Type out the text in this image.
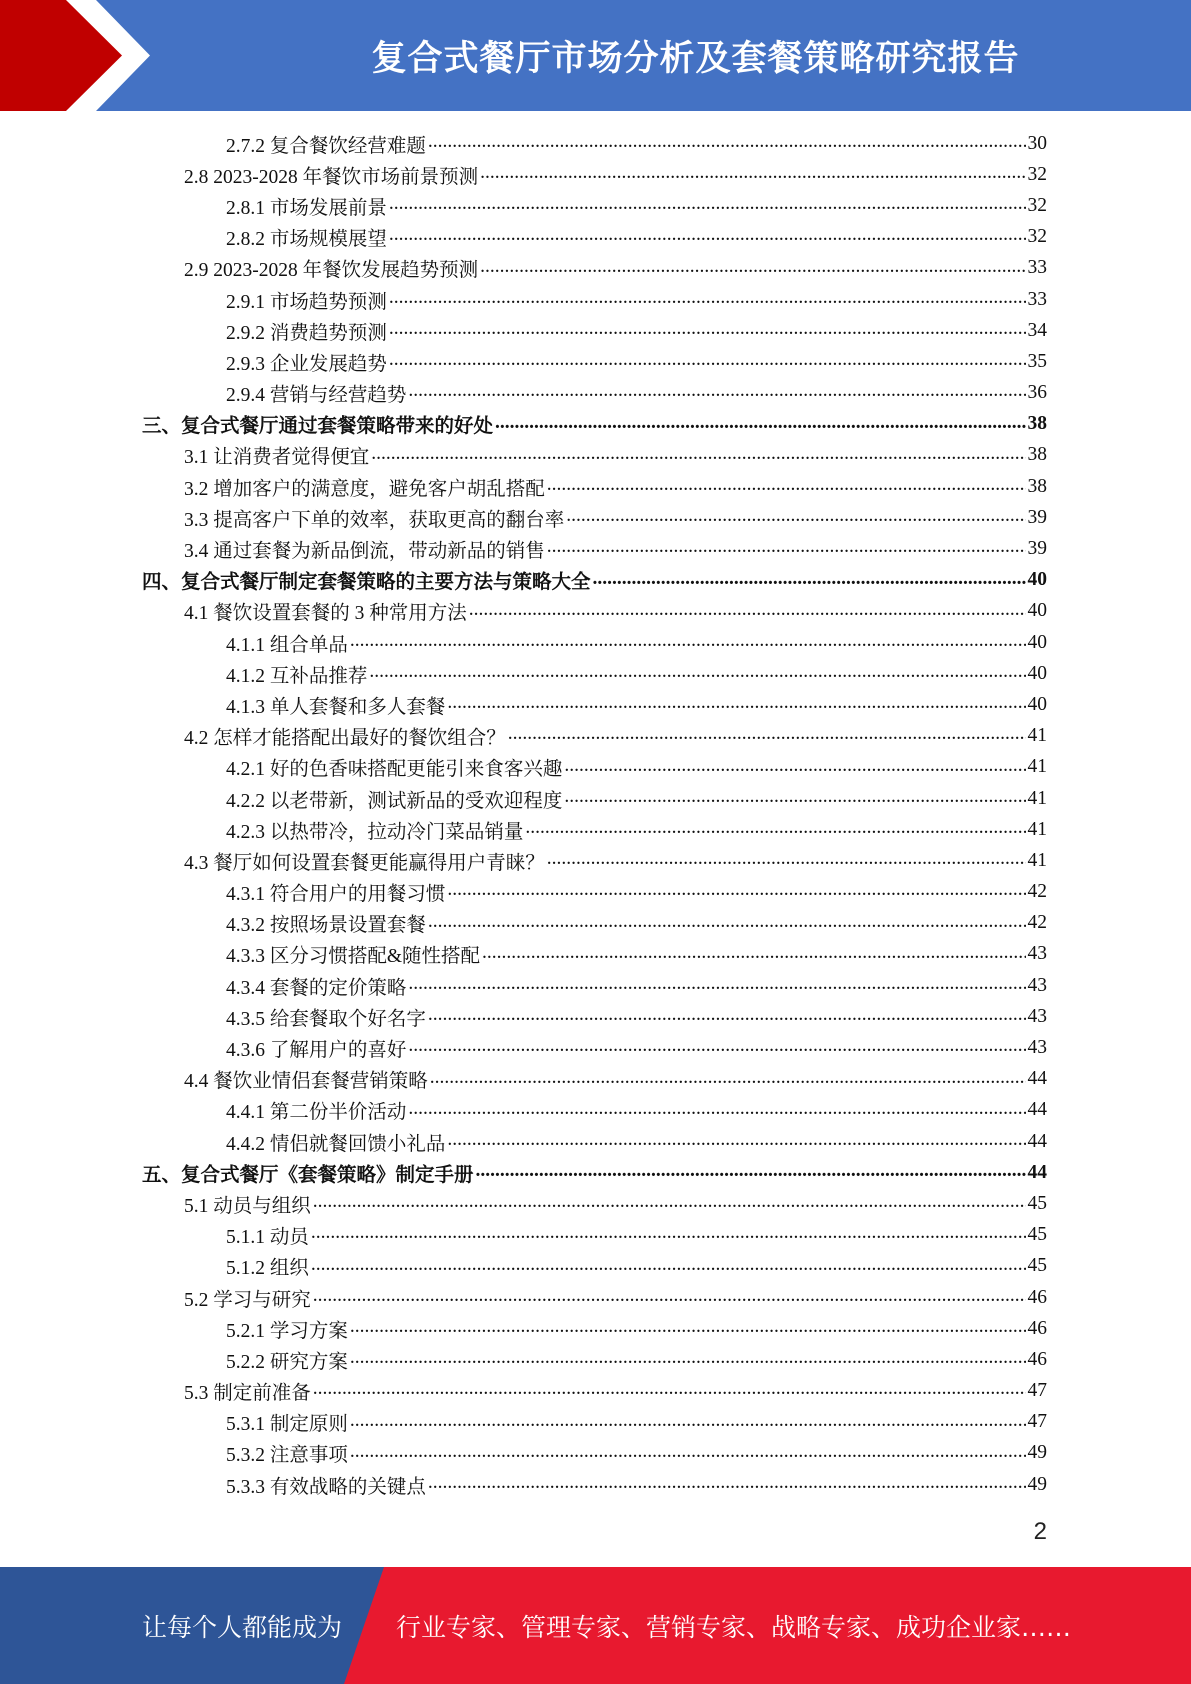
复合式餐厅市场分析及套餐策略研究报告
2.7.2 复合餐饮经营难题 .....	30
2.8 2023-2028 年餐饮市场前景预测 .....	32
2.8.1 市场发展前景 .....	32
2.8.2 市场规模展望 .....	32
2.9 2023-2028 年餐饮发展趋势预测 .....	33
2.9.1 市场趋势预测 .....	33
2.9.2 消费趋势预测 .....	34
2.9.3 企业发展趋势 .....	35
2.9.4 营销与经营趋势 .....	36
三、复合式餐厅通过套餐策略带来的好处 .....	38
3.1 让消费者觉得便宜 .....	38
3.2 增加客户的满意度，避免客户胡乱搭配 .....	38
3.3 提高客户下单的效率，获取更高的翻台率 .....	39
3.4 通过套餐为新品倒流，带动新品的销售 .....	39
四、复合式餐厅制定套餐策略的主要方法与策略大全 .....	40
4.1 餐饮设置套餐的 3 种常用方法 .....	40
4.1.1 组合单品 .....	40
4.1.2 互补品推荐 .....	40
4.1.3 单人套餐和多人套餐 .....	40
4.2 怎样才能搭配出最好的餐饮组合？ .....	41
4.2.1 好的色香味搭配更能引来食客兴趣 .....	41
4.2.2 以老带新，测试新品的受欢迎程度 .....	41
4.2.3 以热带冷，拉动冷门菜品销量 .....	41
4.3 餐厅如何设置套餐更能赢得用户青睐？ .....	41
4.3.1 符合用户的用餐习惯 .....	42
4.3.2 按照场景设置套餐 .....	42
4.3.3 区分习惯搭配&随性搭配 .....	43
4.3.4 套餐的定价策略 .....	43
4.3.5 给套餐取个好名字 .....	43
4.3.6 了解用户的喜好 .....	43
4.4 餐饮业情侣套餐营销策略 .....	44
4.4.1 第二份半价活动 .....	44
4.4.2 情侣就餐回馈小礼品 .....	44
五、复合式餐厅《套餐策略》制定手册 .....	44
5.1 动员与组织 .....	45
5.1.1 动员 .....	45
5.1.2 组织 .....	45
5.2 学习与研究 .....	46
5.2.1 学习方案 .....	46
5.2.2 研究方案 .....	46
5.3 制定前准备 .....	47
5.3.1 制定原则 .....	47
5.3.2 注意事项 .....	49
5.3.3 有效战略的关键点 .....	49
2
让每个人都能成为 行业专家、管理专家、营销专家、战略专家、成功企业家……
